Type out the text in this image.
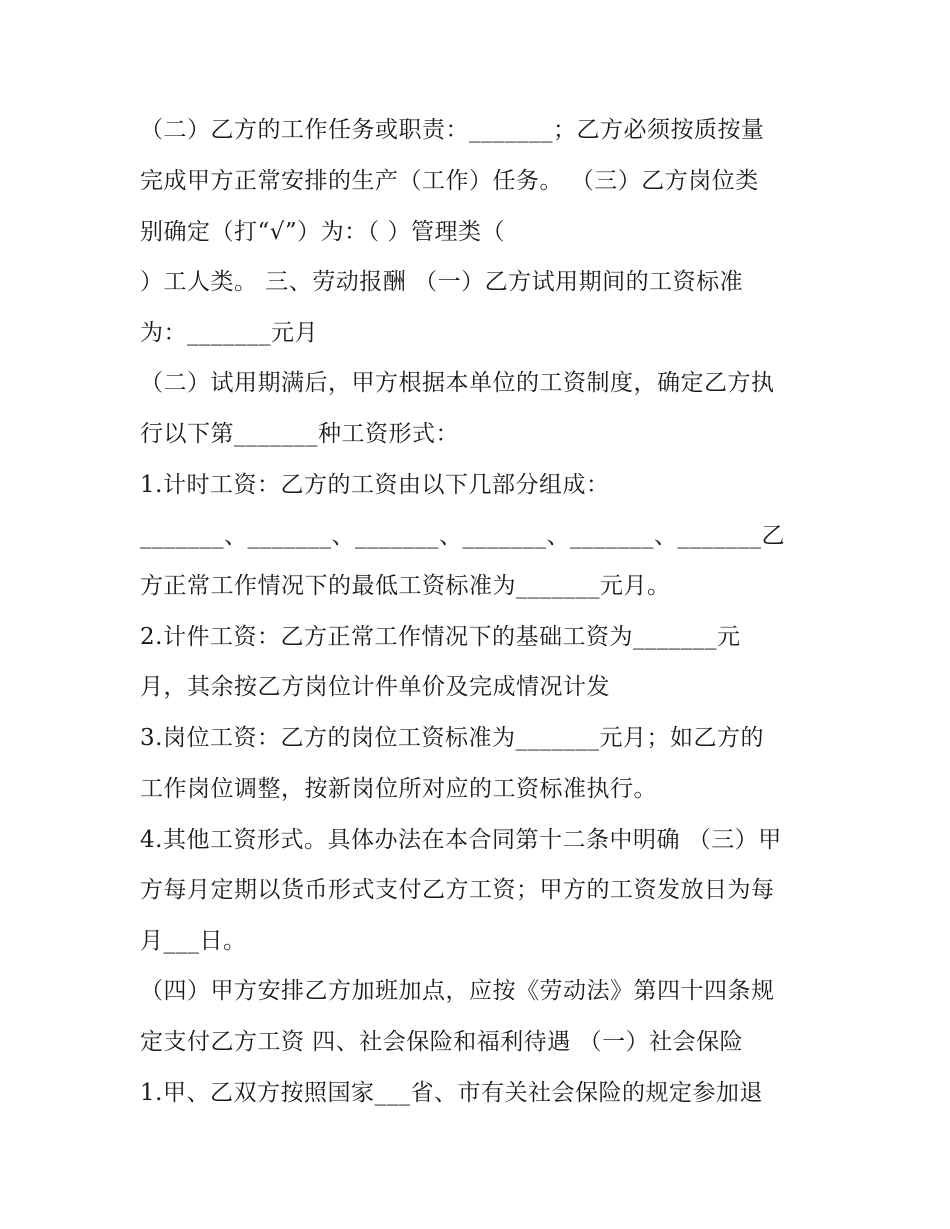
（二）乙方的工作任务或职责：_______；乙方必须按质按量
完成甲方正常安排的生产（工作）任务。 （三）乙方岗位类
别确定（打“√”）为：（ ）管理类（
）工人类。 三、劳动报酬 （一）乙方试用期间的工资标准
为：_______元月
（二）试用期满后，甲方根据本单位的工资制度，确定乙方执
行以下第_______种工资形式：
1.计时工资：乙方的工资由以下几部分组成：
_______、_______、_______、_______、_______、_______乙
方正常工作情况下的最低工资标准为_______元月。
2.计件工资：乙方正常工作情况下的基础工资为_______元
月，其余按乙方岗位计件单价及完成情况计发
3.岗位工资：乙方的岗位工资标准为_______元月；如乙方的
工作岗位调整，按新岗位所对应的工资标准执行。
4.其他工资形式。具体办法在本合同第十二条中明确 （三）甲
方每月定期以货币形式支付乙方工资；甲方的工资发放日为每
月___日。
（四）甲方安排乙方加班加点，应按《劳动法》第四十四条规
定支付乙方工资 四、社会保险和福利待遇 （一）社会保险
1.甲、乙双方按照国家___省、市有关社会保险的规定参加退
